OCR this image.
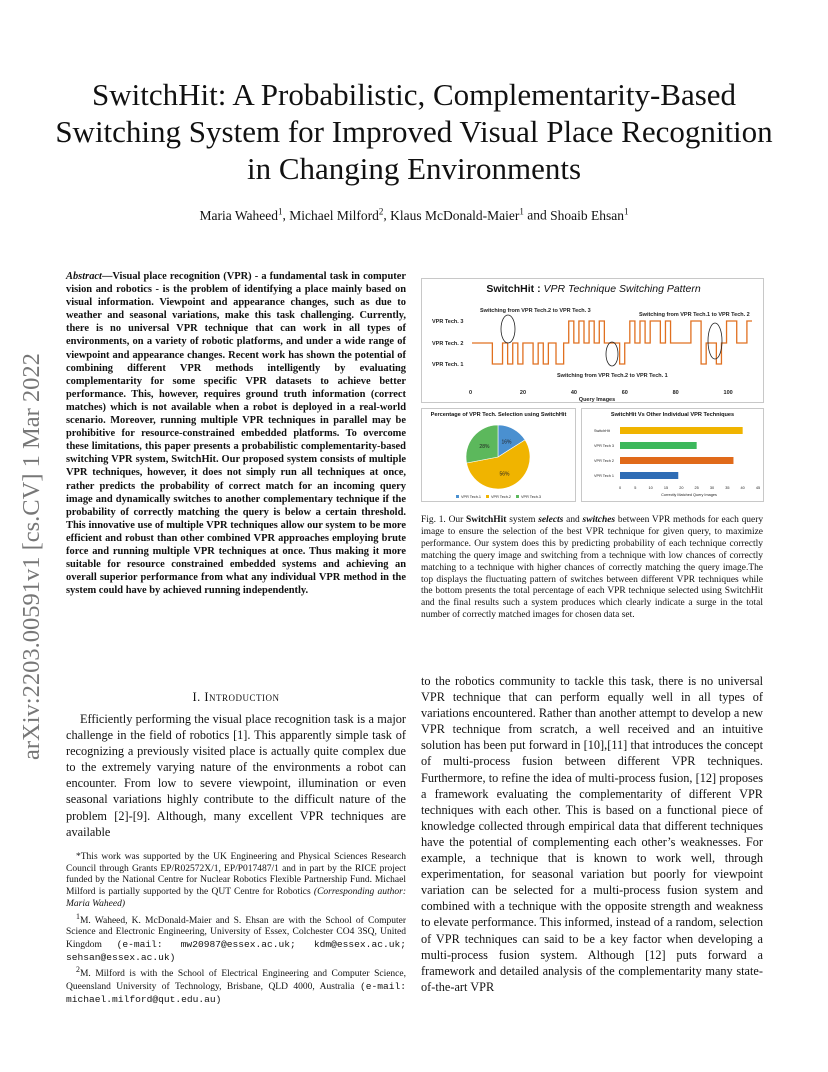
SwitchHit: A Probabilistic, Complementarity-Based Switching System for Improved Visual Place Recognition in Changing Environments
Maria Waheed$^1$, Michael Milford$^2$, Klaus McDonald-Maier$^1$ and Shoaib Ehsan$^1$
arXiv:2203.00591v1 [cs.CV] 1 Mar 2022
Abstract—Visual place recognition (VPR) - a fundamental task in computer vision and robotics - is the problem of identifying a place mainly based on visual information. Viewpoint and appearance changes, such as due to weather and seasonal variations, make this task challenging. Currently, there is no universal VPR technique that can work in all types of environments, on a variety of robotic platforms, and under a wide range of viewpoint and appearance changes. Recent work has shown the potential of combining different VPR methods intelligently by evaluating complementarity for some specific VPR datasets to achieve better performance. This, however, requires ground truth information (correct matches) which is not available when a robot is deployed in a real-world scenario. Moreover, running multiple VPR techniques in parallel may be prohibitive for resource-constrained embedded platforms. To overcome these limitations, this paper presents a probabilistic complementarity-based switching VPR system, SwitchHit. Our proposed system consists of multiple VPR techniques, however, it does not simply run all techniques at once, rather predicts the probability of correct match for an incoming query image and dynamically switches to another complementary technique if the probability of correctly matching the query is below a certain threshold. This innovative use of multiple VPR techniques allow our system to be more efficient and robust than other combined VPR approaches employing brute force and running multiple VPR techniques at once. Thus making it more suitable for resource constrained embedded systems and achieving an overall superior performance from what any individual VPR method in the system could have by achieved running independently.
I. Introduction
Efficiently performing the visual place recognition task is a major challenge in the field of robotics [1]. This apparently simple task of recognizing a previously visited place is actually quite complex due to the extremely varying nature of the environments a robot can encounter. From low to severe viewpoint, illumination or even seasonal variations highly contribute to the difficult nature of the problem [2]-[9]. Although, many excellent VPR techniques are available

*This work was supported by the UK Engineering and Physical Sciences Research Council through Grants EP/R02572X/1, EP/P017487/1 and in part by the RICE project funded by the National Centre for Nuclear Robotics Flexible Partnership Fund. Michael Milford is partially supported by the QUT Centre for Robotics (Corresponding author: Maria Waheed)

$^1$M. Waheed, K. McDonald-Maier and S. Ehsan are with the School of Computer Science and Electronic Engineering, University of Essex, Colchester CO4 3SQ, United Kingdom (e-mail: mw20987@essex.ac.uk; kdm@essex.ac.uk; sehsan@essex.ac.uk)

$^2$M. Milford is with the School of Electrical Engineering and Computer Science, Queensland University of Technology, Brisbane, QLD 4000, Australia (e-mail: michael.milford@qut.edu.au)

to the robotics community to tackle this task, there is no universal VPR technique that can perform equally well in all types of variations encountered. Rather than another attempt to develop a new VPR technique from scratch, a well received and an intuitive solution has been put forward in [10],[11] that introduces the concept of multi-process fusion between different VPR techniques. Furthermore, to refine the idea of multi-process fusion, [12] proposes a framework evaluating the complementarity of different VPR techniques with each other. This is based on a functional piece of knowledge collected through empirical data that different techniques have the potential of complementing each other’s weaknesses. For example, a technique that is known to work well, through experimentation, for seasonal variation but poorly for viewpoint variation can be selected for a multi-process fusion system and combined with a technique with the opposite strength and weakness to elevate performance. This informed, instead of a random, selection of VPR techniques can said to be a key factor when developing a multi-process fusion system. Although [12] puts forward a framework and detailed analysis of the complementarity many state-of-the-art VPR
SwitchHit : VPR Technique Switching Pattern
VPR Tech. 3
VPR Tech. 2
VPR Tech. 1
0	20	40	60	80	100
Query Images
Switching from VPR Tech.2 to VPR Tech. 3
Switching from VPR Tech.1 to VPR Tech. 2
Switching from VPR Tech.2 to VPR Tech. 1
Percentage of VPR Tech. Selection using SwitchHit
16%
56%
28%
VPR Tech.1	VPR Tech.2	VPR Tech.3
SwitchHit Vs Other Individual VPR Techniques
SwitchHit
VPR Tech 3
VPR Tech 2
VPR Tech 1
0	5	10	15	20	25	30	35	40	45
Correctly Matched Query Images
Fig. 1. Our SwitchHit system selects and switches between VPR methods for each query image to ensure the selection of the best VPR technique for given query, to maximize performance. Our system does this by predicting probability of each technique correctly matching the query image and switching from a technique with low chances of correctly matching to a technique with higher chances of correctly matching the query image.The top displays the fluctuating pattern of switches between different VPR techniques while the bottom presents the total percentage of each VPR technique selected using SwitchHit and the final results such a system produces which clearly indicate a surge in the total number of correctly matched images for chosen data set.
